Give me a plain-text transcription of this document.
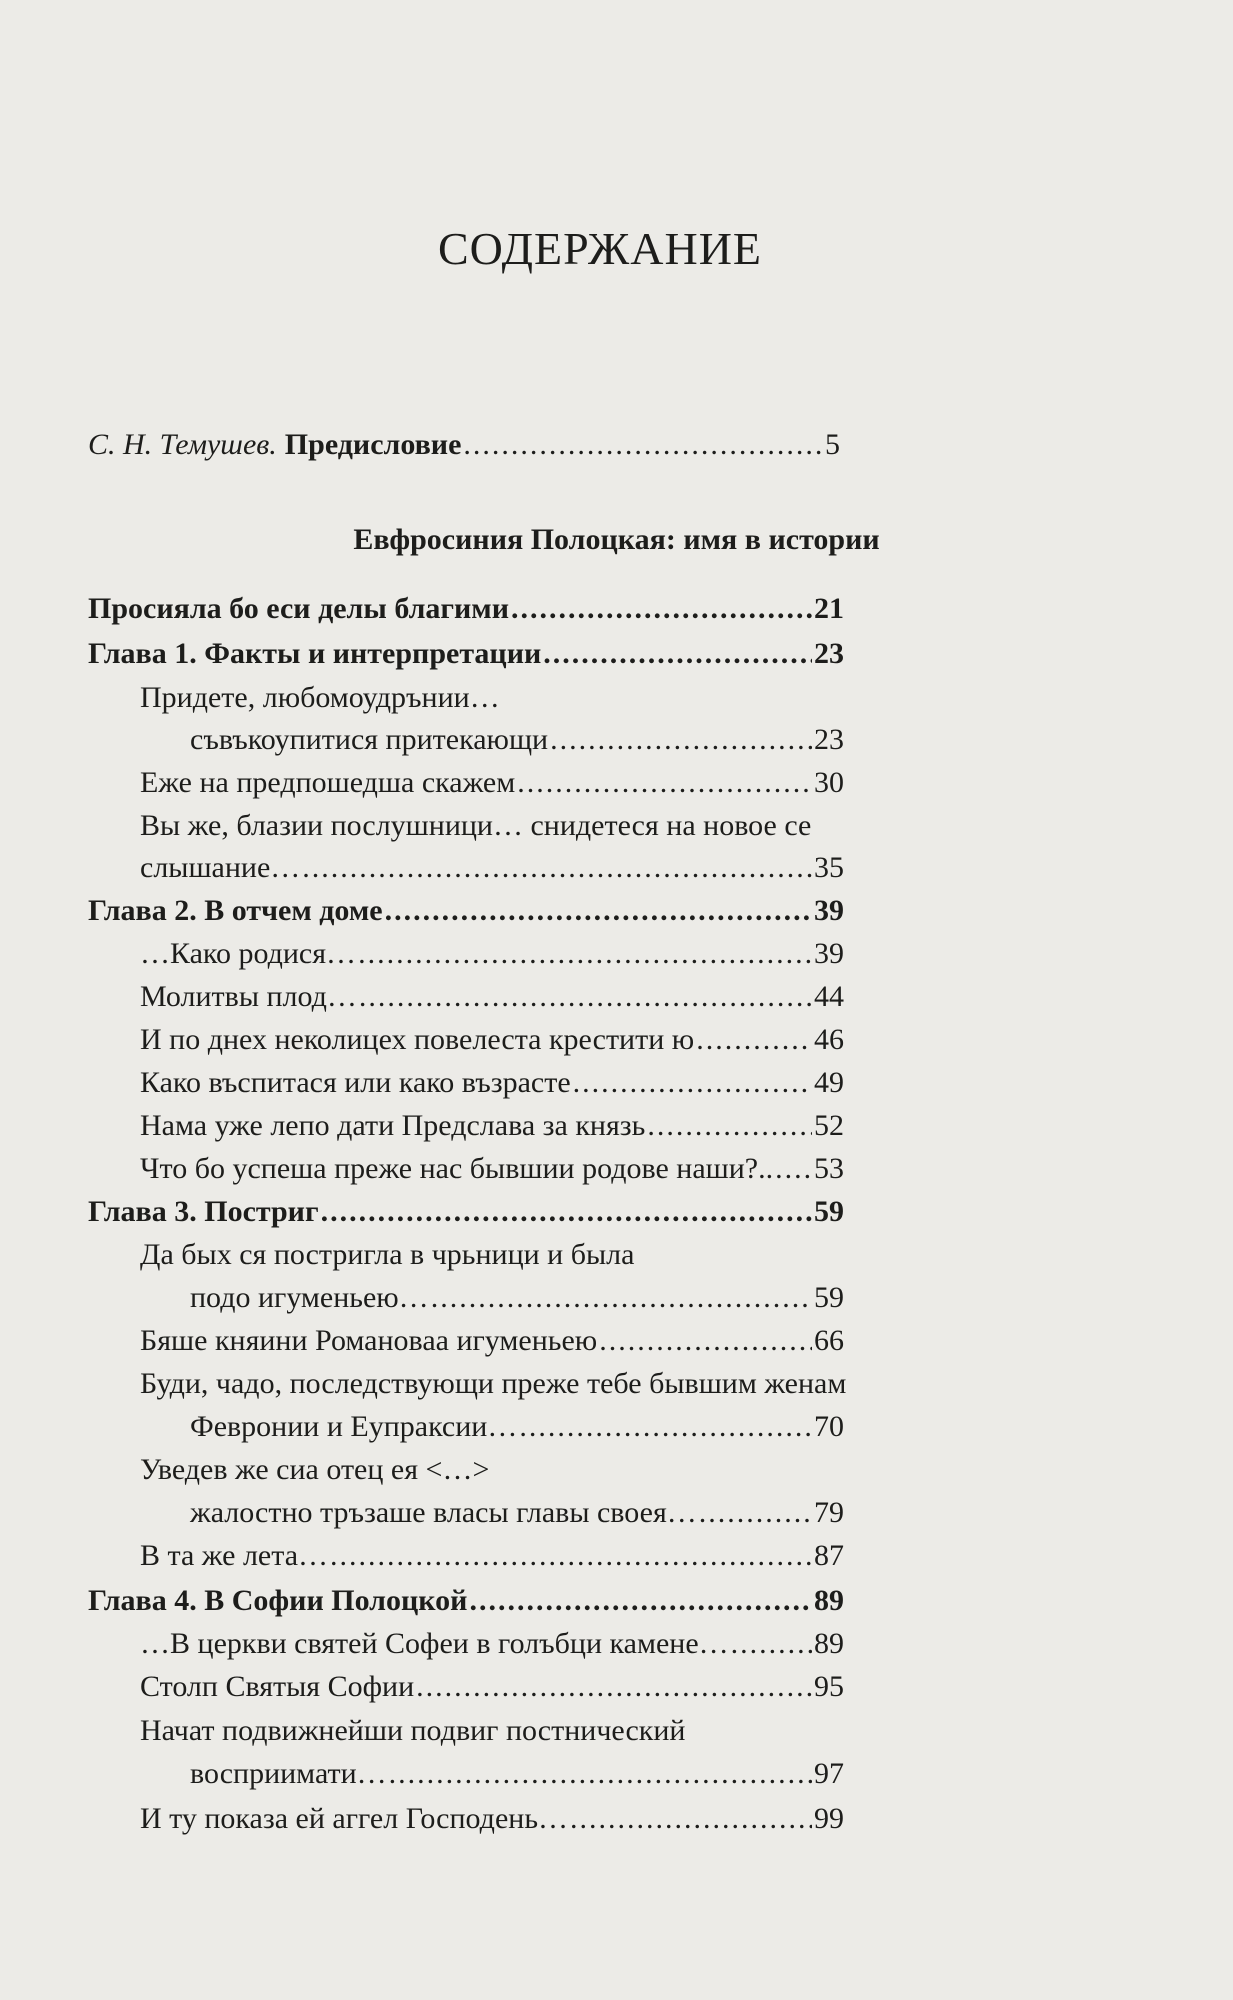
СОДЕРЖАНИЕ
С. Н. Темушев. Предисловие .....	5
Евфросиния Полоцкая: имя в истории
Просияла бо еси делы благими .....	21
Глава 1. Факты и интерпретации .....	23
Придете, любомоудрънии…
съвъкоупитися притекающи .....	23
Еже на предпошедша скажем .....	30
Вы же, блазии послушници… снидетеся на новое се
слышание… .....	35
Глава 2. В отчем доме .....	39
…Како родися… .....	39
Молитвы плод… .....	44
И по днех неколицех повелеста крестити ю .....	46
Како въспитася или како възрасте .....	49
Нама уже лепо дати Предслава за князь .....	52
Что бо успеша преже нас бывшии родове наши?.. ..... 53
Глава 3. Постриг .....	59
Да бых ся постригла в чрьници и была
подо игуменьею… .....	59
Бяше княини Романоваа игуменьею .....	66
Буди, чадо, последствующи преже тебе бывшим женам
Февронии и Еупраксии… .....	70
Уведев же сиа отец ея <…>
жалостно тръзаше власы главы своея… .....	79
В та же лета… .....	87
Глава 4. В Софии Полоцкой .....	89
…В церкви святей Софеи в голъбци камене… .....	89
Столп Святыя Софии .....	95
Начат подвижнейши подвиг постнический
восприимати… .....	97
И ту показа ей аггел Господень… .....	99
